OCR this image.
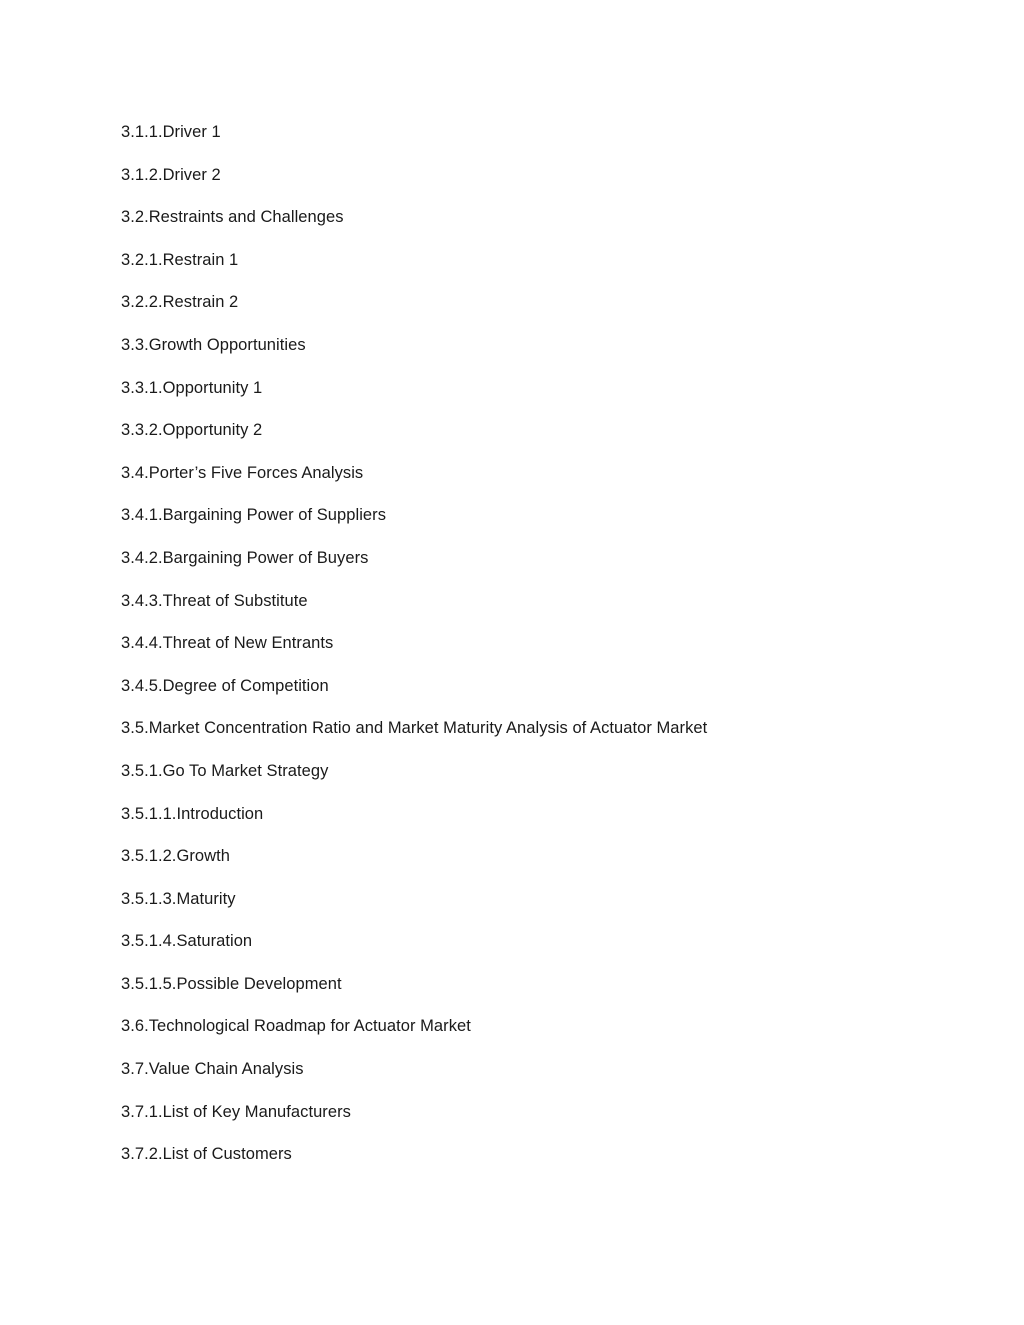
3.1.1.Driver 1
3.1.2.Driver 2
3.2.Restraints and Challenges
3.2.1.Restrain 1
3.2.2.Restrain 2
3.3.Growth Opportunities
3.3.1.Opportunity 1
3.3.2.Opportunity 2
3.4.Porter’s Five Forces Analysis
3.4.1.Bargaining Power of Suppliers
3.4.2.Bargaining Power of Buyers
3.4.3.Threat of Substitute
3.4.4.Threat of New Entrants
3.4.5.Degree of Competition
3.5.Market Concentration Ratio and Market Maturity Analysis of Actuator Market
3.5.1.Go To Market Strategy
3.5.1.1.Introduction
3.5.1.2.Growth
3.5.1.3.Maturity
3.5.1.4.Saturation
3.5.1.5.Possible Development
3.6.Technological Roadmap for Actuator Market
3.7.Value Chain Analysis
3.7.1.List of Key Manufacturers
3.7.2.List of Customers
